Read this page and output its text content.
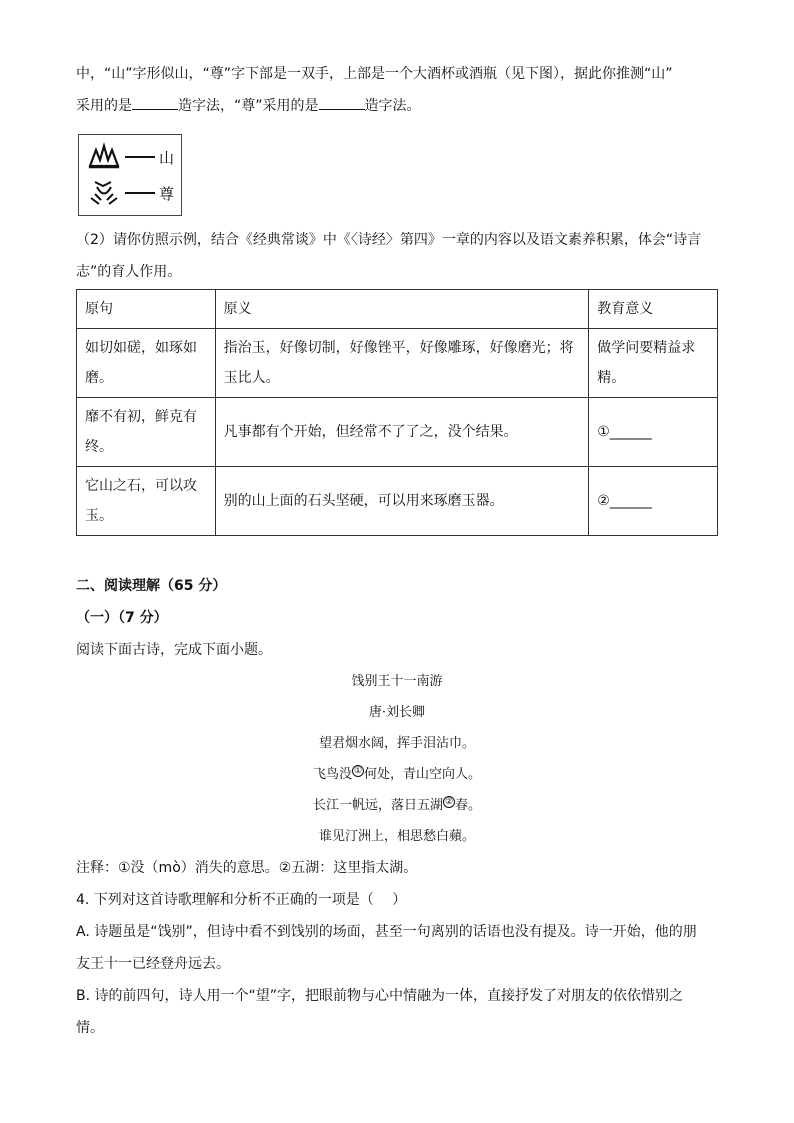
中，“山”字形似山，“尊”字下部是一双手，上部是一个大酒杯或酒瓶（见下图），据此你推测“山”

采用的是	造字法，“尊”采用的是	造字法。

山
尊

（2）请你仿照示例，结合《经典常谈》中《〈诗经〉第四》一章的内容以及语文素养积累，体会“诗言

志”的育人作用。

原句	原义	教育意义
如切如磋，如琢如磨。	指治玉，好像切制，好像锉平，好像雕琢，好像磨光；将玉比人。	做学问要精益求精。
靡不有初，鲜克有终。	凡事都有个开始，但经常不了了之，没个结果。	①______
它山之石，可以攻玉。	别的山上面的石头坚硬，可以用来琢磨玉器。	②______

二、阅读理解（65 分）

（一）（7 分）

阅读下面古诗，完成下面小题。

饯别王十一南游
唐·刘长卿
望君烟水阔，挥手泪沾巾。
飞鸟没 ① 何处，青山空向人。
长江一帆远，落日五湖 ② 春。
谁见汀洲上，相思愁白蘋。

注释：①没（mò）消失的意思。②五湖：这里指太湖。

4. 下列对这首诗歌理解和分析不正确的一项是（　 ）

A. 诗题虽是“饯别”，但诗中看不到饯别的场面，甚至一句离别的话语也没有提及。诗一开始，他的朋

友王十一已经登舟远去。

B. 诗的前四句，诗人用一个“望”字，把眼前物与心中情融为一体，直接抒发了对朋友的依依惜别之

情。
